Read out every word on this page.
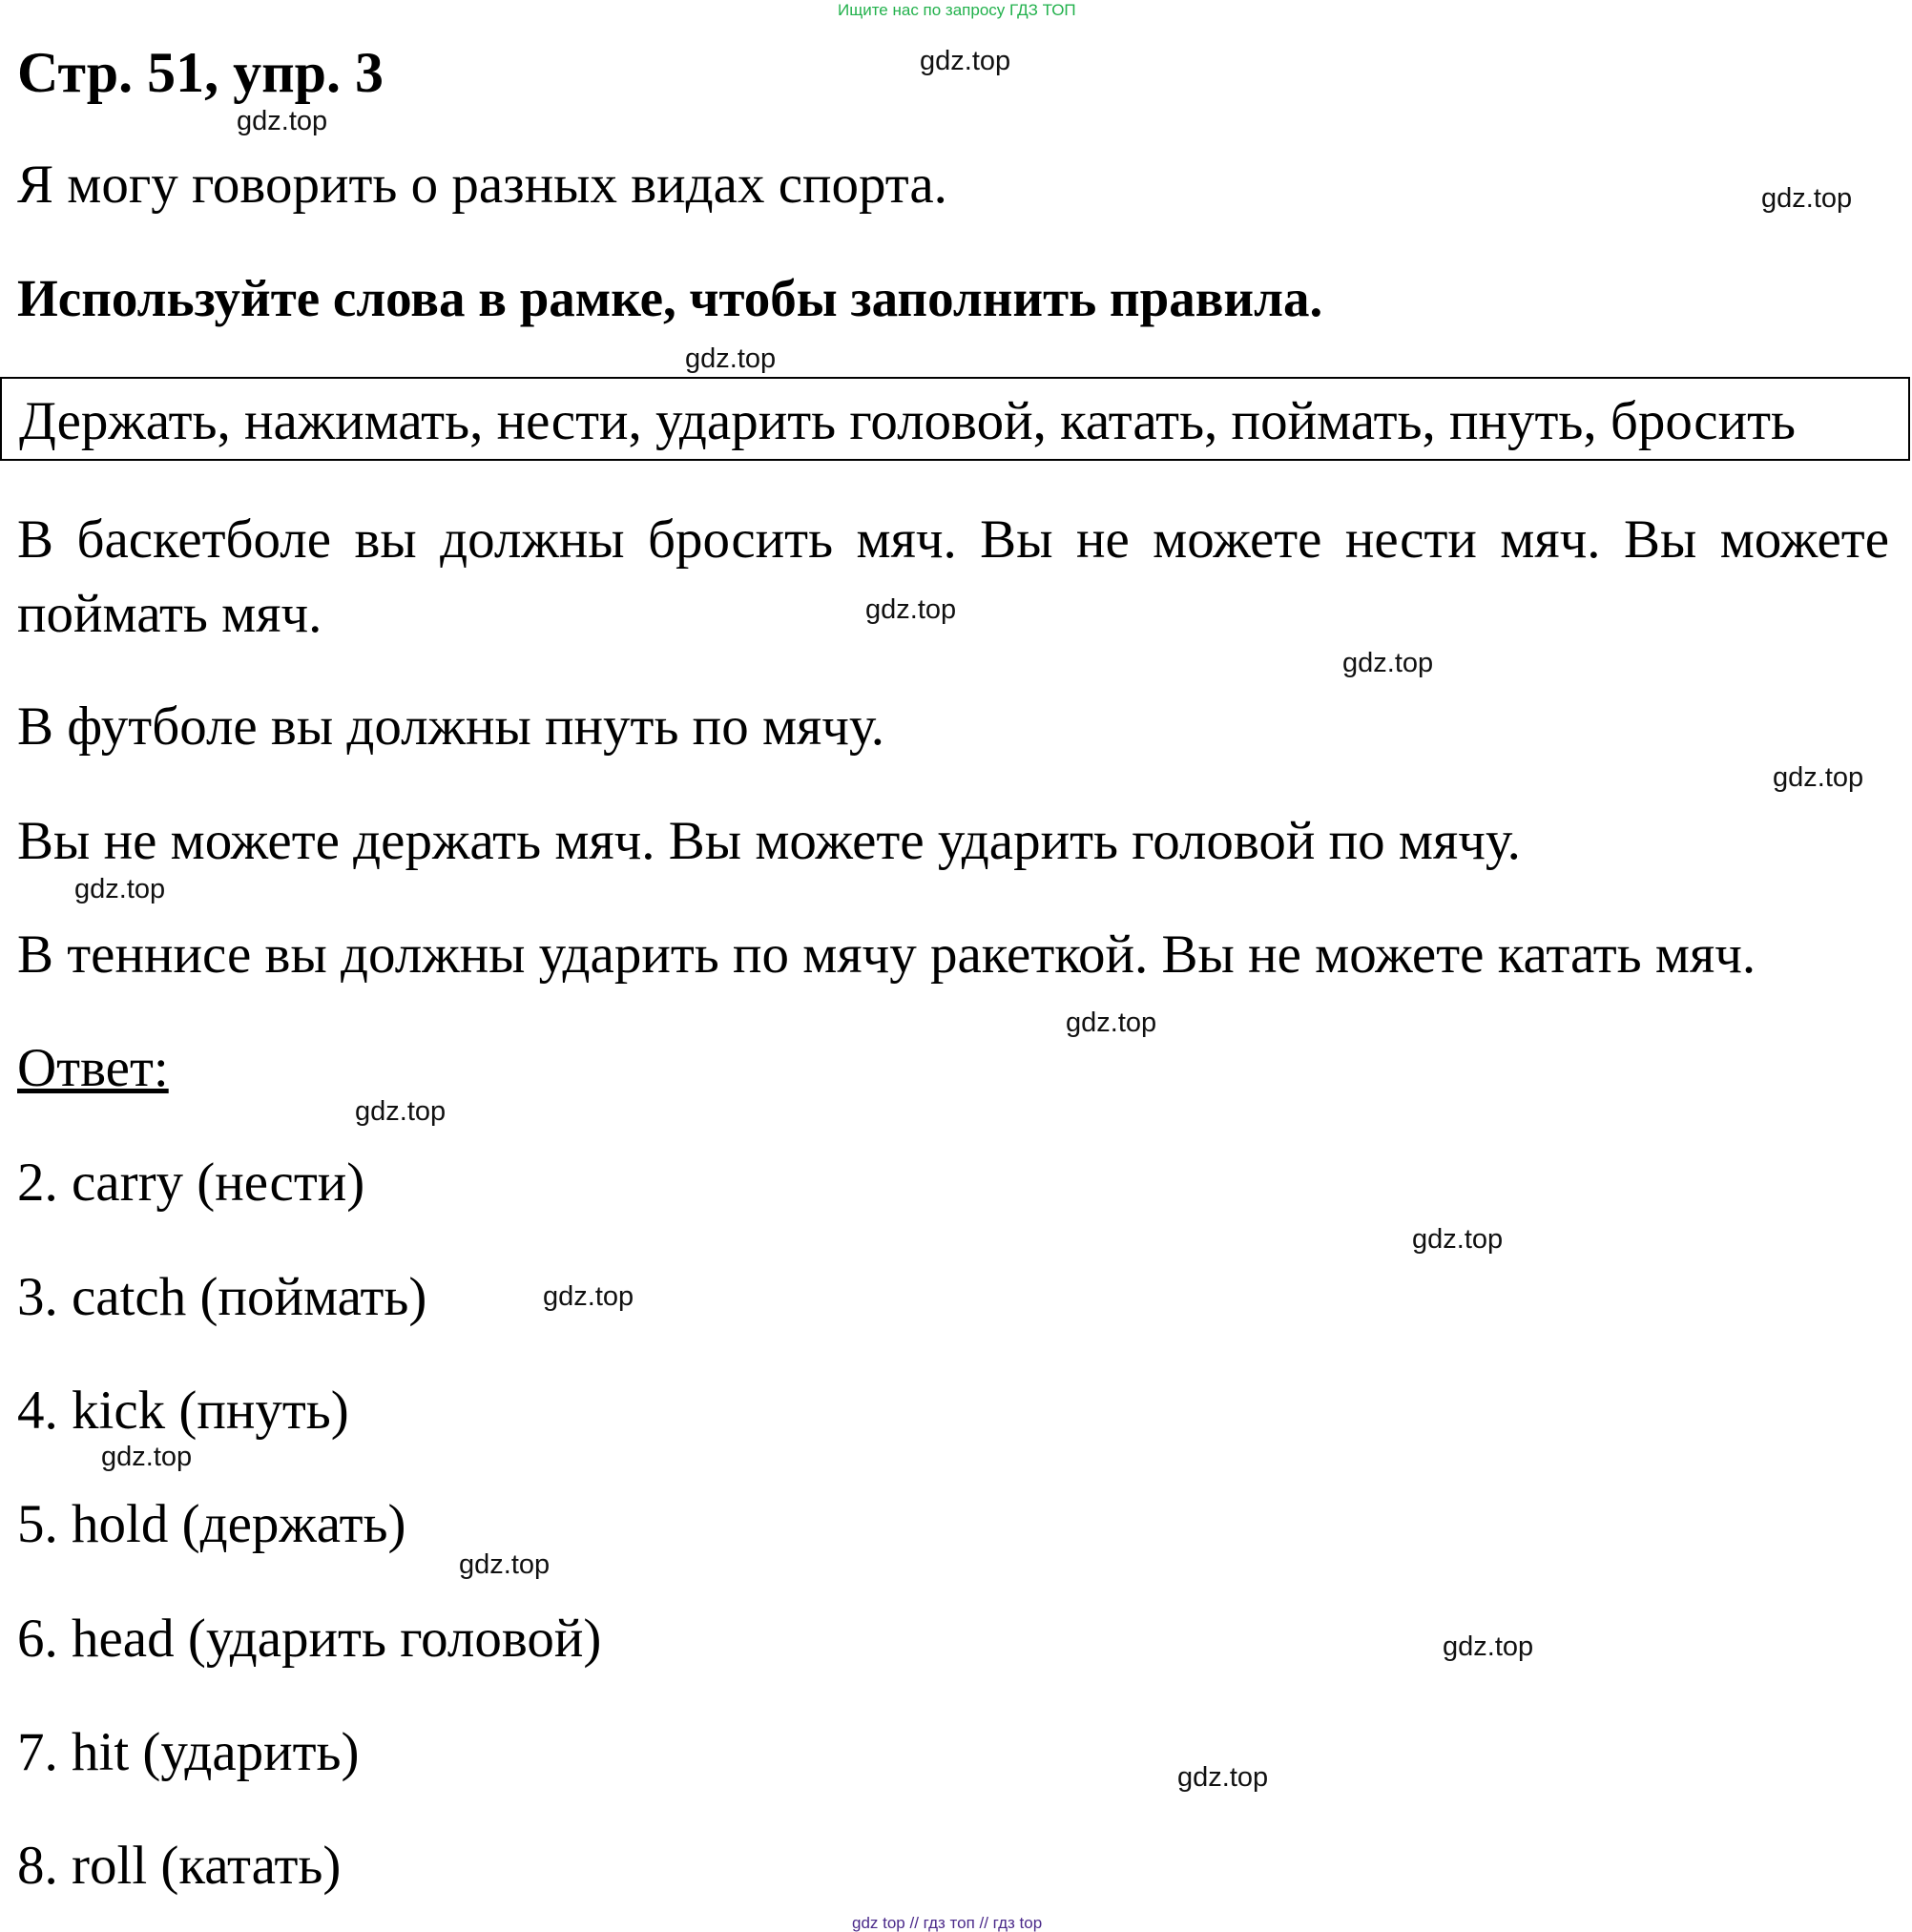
Ищите нас по запросу ГДЗ ТОП
Стр. 51, упр. 3
Я могу говорить о разных видах спорта.
Используйте слова в рамке, чтобы заполнить правила.
Держать, нажимать, нести, ударить головой, катать, поймать, пнуть, бросить
В баскетболе вы должны бросить мяч. Вы не можете нести мяч. Вы можете
поймать мяч.
В футболе вы должны пнуть по мячу.
Вы не можете держать мяч. Вы можете ударить головой по мячу.
В теннисе вы должны ударить по мячу ракеткой. Вы не можете катать мяч.
Ответ:
2. carry (нести)
3. catch (поймать)
4. kick (пнуть)
5. hold (держать)
6. head (ударить головой)
7. hit (ударить)
8. roll (катать)
gdz.top
gdz.top
gdz.top
gdz.top
gdz.top
gdz.top
gdz.top
gdz.top
gdz.top
gdz.top
gdz.top
gdz.top
gdz.top
gdz.top
gdz.top
gdz.top
gdz top // гдз топ // гдз top
